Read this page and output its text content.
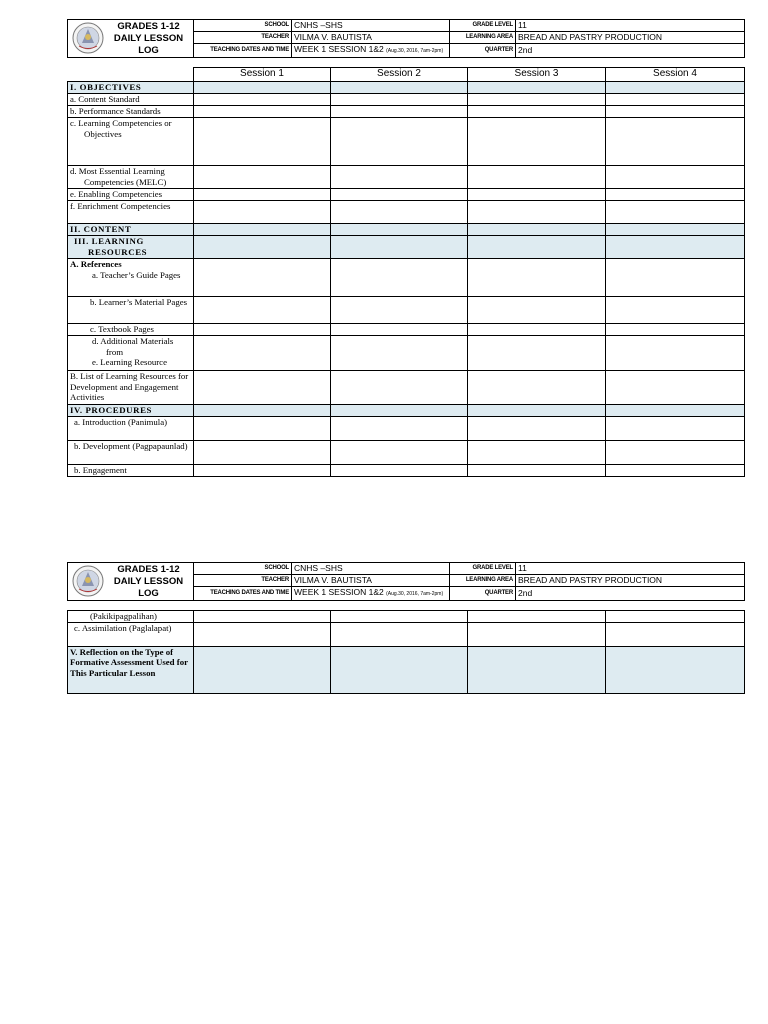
GRADES 1-12
DAILY LESSON LOG	SCHOOL	CNHS –SHS	GRADE LEVEL	11
	TEACHER	VILMA V. BAUTISTA	LEARNING AREA	BREAD AND PASTRY PRODUCTION
	TEACHING DATES AND TIME	WEEK 1 SESSION 1&2 (Aug.30, 2016, 7am-2pm)	QUARTER	2nd
	Session 1	Session 2	Session 3	Session 4
I. OBJECTIVES				
a. Content Standard				
b. Performance Standards				
c. Learning Competencies or Objectives				
d. Most Essential Learning Competencies (MELC)				
e. Enabling Competencies				
f. Enrichment Competencies				
II. CONTENT				
III. LEARNING RESOURCES				

A. References
a. Teacher’s Guide Pages				

b. Learner’s Material Pages				
c. Textbook Pages				

d. Additional Materials from
e. Learning Resource				

B. List of Learning Resources for Development and Engagement Activities				
IV. PROCEDURES				
a. Introduction (Panimula)				
b. Development (Pagpapaunlad)				
b. Engagement				
GRADES 1-12
DAILY LESSON LOG	SCHOOL	CNHS –SHS	GRADE LEVEL	11
	TEACHER	VILMA V. BAUTISTA	LEARNING AREA	BREAD AND PASTRY PRODUCTION
	TEACHING DATES AND TIME	WEEK 1 SESSION 1&2 (Aug.30, 2016, 7am-2pm)	QUARTER	2nd
(Pakikipagpalihan)				
c. Assimilation (Paglalapat)				
V. Reflection on the Type of Formative Assessment Used for This Particular Lesson				
